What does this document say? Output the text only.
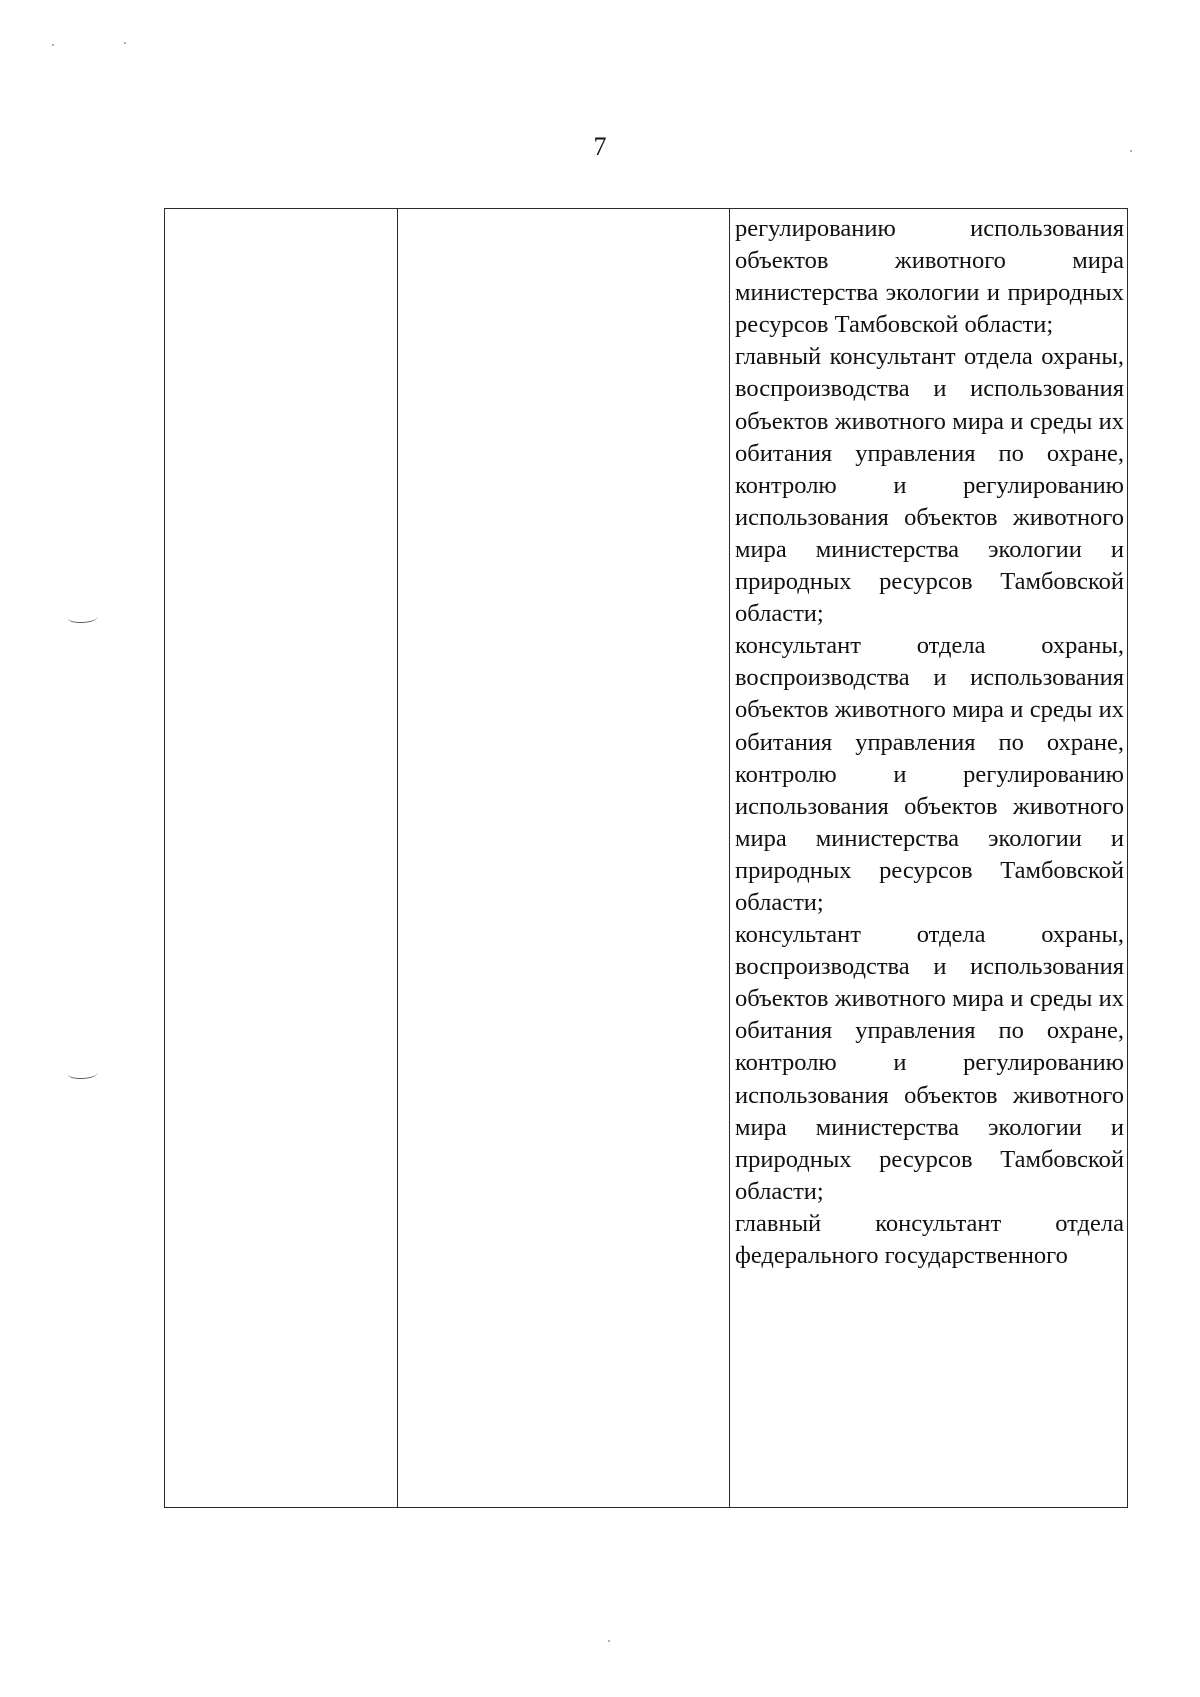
7

регулированию использования объектов животного мира министерства экологии и природных ресурсов Тамбовской области;

главный консультант отдела охраны, воспроизводства и использования объектов животного мира и среды их обитания управления по охране, контролю и регулированию использования объектов животного мира министерства экологии и природных ресурсов Тамбовской области;

консультант отдела охраны, воспроизводства и использования объектов животного мира и среды их обитания управления по охране, контролю и регулированию использования объектов животного мира министерства экологии и природных ресурсов Тамбовской области;

консультант отдела охраны, воспроизводства и использования объектов животного мира и среды их обитания управления по охране, контролю и регулированию использования объектов животного мира министерства экологии и природных ресурсов Тамбовской области;

главный консультант отдела федерального государственного
